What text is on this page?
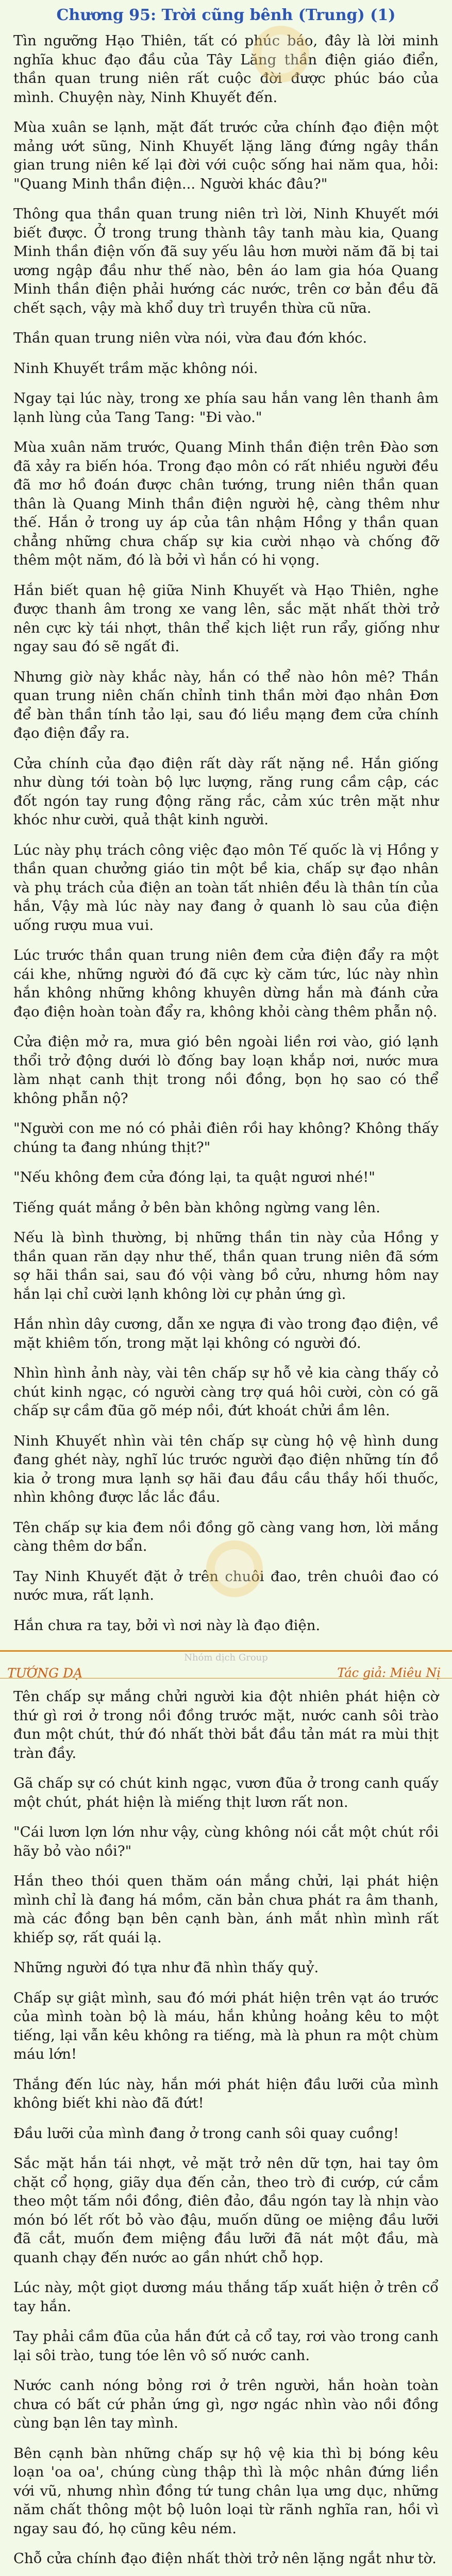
Chương 95: Trời cũng bênh (Trung) (1)

Tìn ngưỡng Hạo Thiên, tất có phúc báo, đây là lời minh nghĩa khuc đạo đầu của Tây Lăng thần điện giáo điển, thần quan trung niên rất cuộc đời được phúc báo của mình. Chuyện này, Ninh Khuyết đến.

Mùa xuân se lạnh, mặt đất trước cửa chính đạo điện một mảng ướt sũng, Ninh Khuyết lặng lăng đứng ngây thần gian trung niên kế lại đời với cuộc sống hai năm qua, hỏi: "Quang Minh thần điện... Người khác đâu?"

Thông qua thần quan trung niên trì lời, Ninh Khuyết mới biết được. Ở trong trung thành tây tanh màu kia, Quang Minh thần điện vốn đã suy yếu lâu hơn mười năm đã bị tai ương ngập đầu như thế nào, bên áo lam gia hóa Quang Minh thần điện phải hướng các nước, trên cơ bản đều đã chết sạch, vậy mà khổ duy trì truyền thừa cũ nữa.

Thần quan trung niên vừa nói, vừa đau đớn khóc.

Ninh Khuyết trầm mặc không nói.

Ngay tại lúc này, trong xe phía sau hắn vang lên thanh âm lạnh lùng của Tang Tang: "Đi vào."

Mùa xuân năm trước, Quang Minh thần điện trên Đào sơn đã xảy ra biến hóa. Trong đạo môn có rất nhiều người đều đã mơ hồ đoán được chân tướng, trung niên thần quan thân là Quang Minh thần điện người hệ, càng thêm như thế. Hắn ở trong uy áp của tân nhậm Hồng y thần quan chẳng những chưa chấp sự kia cười nhạo và chống đỡ thêm một năm, đó là bởi vì hắn có hi vọng.

Hắn biết quan hệ giữa Ninh Khuyết và Hạo Thiên, nghe được thanh âm trong xe vang lên, sắc mặt nhất thời trở nên cực kỳ tái nhợt, thân thể kịch liệt run rẩy, giống như ngay sau đó sẽ ngất đi.

Nhưng giờ này khắc này, hắn có thể nào hôn mê? Thần quan trung niên chấn chỉnh tinh thần mời đạo nhân Đơn để bàn thần tính tảo lại, sau đó liều mạng đem cửa chính đạo điện đẩy ra.

Cửa chính của đạo điện rất dày rất nặng nề. Hắn giống như dùng tới toàn bộ lực lượng, răng rung cầm cập, các đốt ngón tay rung động răng rắc, cảm xúc trên mặt như khóc như cười, quả thật kinh người.

Lúc này phụ trách công việc đạo môn Tế quốc là vị Hồng y thần quan chưởng giáo tin một bề kia, chấp sự đạo nhân và phụ trách của điện an toàn tất nhiên đều là thân tín của hắn, Vậy mà lúc này nay đang ở quanh lò sau của điện uống rượu mua vui.

Lúc trước thần quan trung niên đem cửa điện đẩy ra một cái khe, những người đó đã cực kỳ căm tức, lúc này nhìn hắn không những không khuyên dừng hắn mà đánh cửa đạo điện hoàn toàn đẩy ra, không khỏi càng thêm phẫn nộ.

Cửa điện mở ra, mưa gió bên ngoài liền rơi vào, gió lạnh thổi trở động dưới lò đống bay loạn khắp nơi, nước mưa làm nhạt canh thịt trong nồi đồng, bọn họ sao có thể không phẫn nộ?

"Người con me nó có phải điên rồi hay không? Không thấy chúng ta đang nhúng thịt?"

"Nếu không đem cửa đóng lại, ta quật ngươi nhé!"

Tiếng quát mắng ở bên bàn không ngừng vang lên.

Nếu là bình thường, bị những thần tin này của Hồng y thần quan răn dạy như thế, thần quan trung niên đã sớm sợ hãi thần sai, sau đó vội vàng bồ cửu, nhưng hôm nay hắn lại chỉ cười lạnh không lời cự phản ứng gì.

Hắn nhìn dây cương, dẫn xe ngựa đi vào trong đạo điện, về mặt khiêm tốn, trong mặt lại không có người đó.

Nhìn hình ảnh này, vài tên chấp sự hỗ vẻ kia càng thấy cỏ chút kinh ngạc, có người càng trợ quá hôi cười, còn có gã chấp sự cầm đũa gõ mép nồi, đứt khoát chửi ầm lên.

Ninh Khuyết nhìn vài tên chấp sự cùng hộ vệ hình dung đang ghét này, nghĩ lúc trước người đạo điện những tín đồ kia ở trong mưa lạnh sợ hãi đau đầu cầu thầy hối thuốc, nhìn không được lắc lắc đầu.

Tên chấp sự kia đem nồi đồng gõ càng vang hơn, lời mắng càng thêm dơ bẩn.

Tay Ninh Khuyết đặt ở trên chuôi đao, trên chuôi đao có nước mưa, rất lạnh.

Hắn chưa ra tay, bởi vì nơi này là đạo điện.

Nhóm dịch Group
TƯỚNG DẠ	Tác giả: Miêu Nị

Tên chấp sự mắng chửi người kia đột nhiên phát hiện cờ thứ gì rơi ở trong nồi đồng trước mặt, nước canh sôi trào đun một chút, thứ đó nhất thời bắt đầu tản mát ra mùi thịt tràn đầy.

Gã chấp sự có chút kinh ngạc, vươn đũa ở trong canh quấy một chút, phát hiện là miếng thịt lươn rất non.

"Cái lươn lợn lớn như vậy, cùng không nói cắt một chút rồi hãy bỏ vào nồi?"

Hắn theo thói quen thăm oán mắng chửi, lại phát hiện mình chỉ là đang há mồm, căn bản chưa phát ra âm thanh, mà các đồng bạn bên cạnh bàn, ánh mắt nhìn mình rất khiếp sợ, rất quái lạ.

Những người đó tựa như đã nhìn thấy quỷ.

Chấp sự giật mình, sau đó mới phát hiện trên vạt áo trước của mình toàn bộ là máu, hắn khủng hoảng kêu to một tiếng, lại vẫn kêu không ra tiếng, mà là phun ra một chùm máu lớn!

Thắng đến lúc này, hắn mới phát hiện đầu lưỡi của mình không biết khi nào đã đứt!

Đầu lưỡi của mình đang ở trong canh sôi quay cuồng!

Sắc mặt hắn tái nhợt, vẻ mặt trở nên dữ tợn, hai tay ôm chặt cổ họng, giãy dụa đến cản, theo trò đi cướp, cứ cắm theo một tấm nồi đồng, điên đảo, đầu ngón tay là nhịn vào món bó lết rốt bỏ vào đậu, muốn dũng oe miệng đầu lưỡi đã cắt, muốn đem miệng đầu lưỡi đã nát một đầu, mà quanh chạy đến nước ao gần nhứt chỗ họp.

Lúc này, một giọt dương máu thắng tấp xuất hiện ở trên cổ tay hắn.

Tay phải cầm đũa của hắn đứt cả cổ tay, rơi vào trong canh lại sôi trào, tung tóe lên vô số nước canh.

Nước canh nóng bỏng rơi ở trên người, hắn hoàn toàn chưa có bất cứ phản ứng gì, ngơ ngác nhìn vào nồi đồng cùng bạn lên tay mình.

Bên cạnh bàn những chấp sự hộ vệ kia thì bị bóng kêu loạn 'oa oa', chúng cùng thập thì là mộc nhân đứng liền với vũ, nhưng nhìn đồng tứ tung chân lụa ưng dục, những năm chất thông một bộ luôn loại từ rãnh nghĩa ran, hồi vì ngay sau đó, họ cũng kêu ném.

Chỗ cửa chính đạo điện nhất thời trở nên lặng ngắt như tờ.
